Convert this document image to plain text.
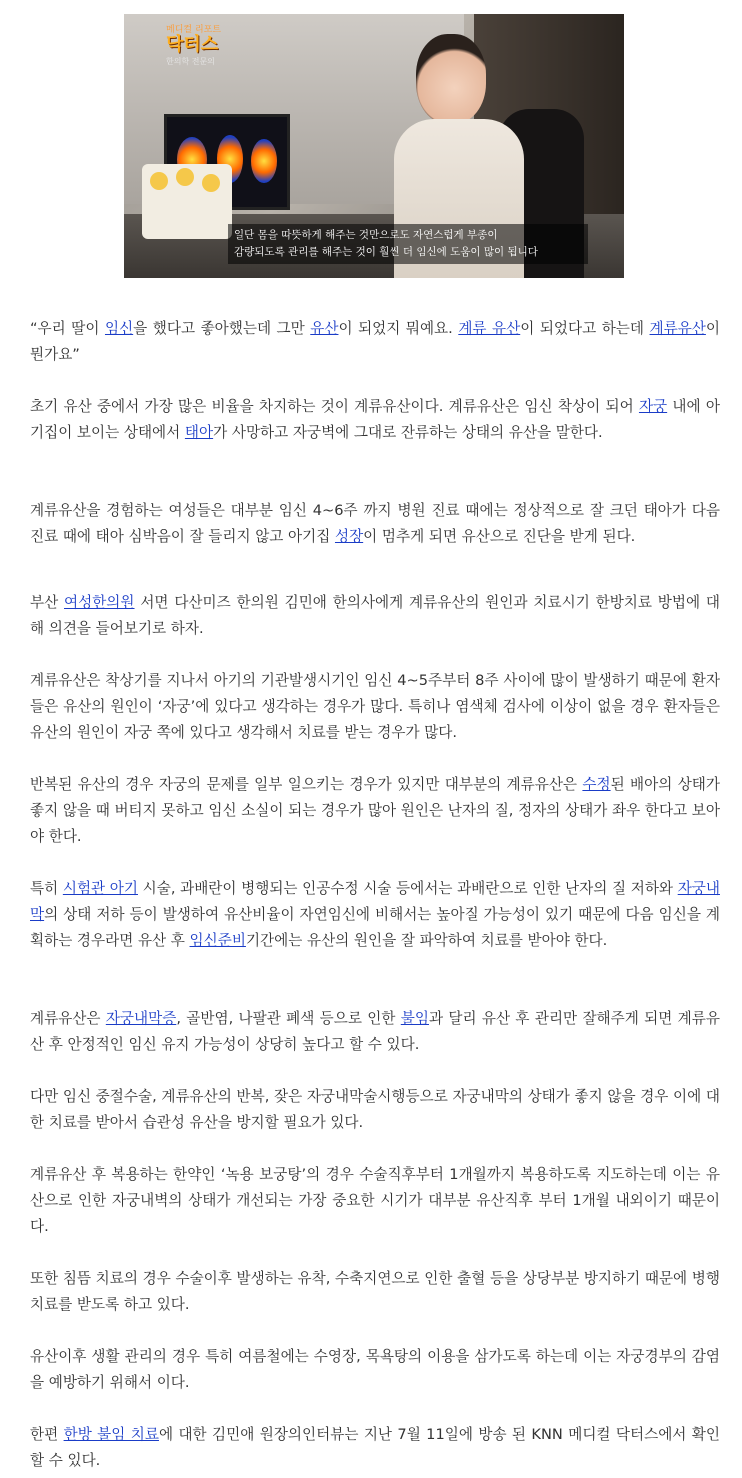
메디컬 리포트
닥터스
한의학 전문의
일단 몸을 따뜻하게 해주는 것만으로도 자연스럽게 부종이
감량되도록 관리를 해주는 것이 훨씬 더 임신에 도움이 많이 됩니다

“우리 딸이 임신을 했다고 좋아했는데 그만 유산이 되었지 뭐예요. 계류 유산이 되었다고 하는데 계류유산이 뭔가요”

초기 유산 중에서 가장 많은 비율을 차지하는 것이 계류유산이다. 계류유산은 임신 착상이 되어 자궁 내에 아기집이 보이는 상태에서 태아가 사망하고 자궁벽에 그대로 잔류하는 상태의 유산을 말한다.

계류유산을 경험하는 여성들은 대부분 임신 4~6주 까지 병원 진료 때에는 정상적으로 잘 크던 태아가 다음 진료 때에 태아 심박음이 잘 들리지 않고 아기집 성장이 멈추게 되면 유산으로 진단을 받게 된다.

부산 여성한의원 서면 다산미즈 한의원 김민애 한의사에게 계류유산의 원인과 치료시기 한방치료 방법에 대해 의견을 들어보기로 하자.

계류유산은 착상기를 지나서 아기의 기관발생시기인 임신 4~5주부터 8주 사이에 많이 발생하기 때문에 환자들은 유산의 원인이 ‘자궁’에 있다고 생각하는 경우가 많다. 특히나 염색체 검사에 이상이 없을 경우 환자들은 유산의 원인이 자궁 쪽에 있다고 생각해서 치료를 받는 경우가 많다.

반복된 유산의 경우 자궁의 문제를 일부 일으키는 경우가 있지만 대부분의 계류유산은 수정된 배아의 상태가 좋지 않을 때 버티지 못하고 임신 소실이 되는 경우가 많아 원인은 난자의 질, 정자의 상태가 좌우 한다고 보아야 한다.

특히 시험관 아기 시술, 과배란이 병행되는 인공수정 시술 등에서는 과배란으로 인한 난자의 질 저하와 자궁내막의 상태 저하 등이 발생하여 유산비율이 자연임신에 비해서는 높아질 가능성이 있기 때문에 다음 임신을 계획하는 경우라면 유산 후 임신준비기간에는 유산의 원인을 잘 파악하여 치료를 받아야 한다.

계류유산은 자궁내막증, 골반염, 나팔관 폐색 등으로 인한 불임과 달리 유산 후 관리만 잘해주게 되면 계류유산 후 안정적인 임신 유지 가능성이 상당히 높다고 할 수 있다.

다만 임신 중절수술, 계류유산의 반복, 잦은 자궁내막술시행등으로 자궁내막의 상태가 좋지 않을 경우 이에 대한 치료를 받아서 습관성 유산을 방지할 필요가 있다.

계류유산 후 복용하는 한약인 ‘녹용 보궁탕’의 경우 수술직후부터 1개월까지 복용하도록 지도하는데 이는 유산으로 인한 자궁내벽의 상태가 개선되는 가장 중요한 시기가 대부분 유산직후 부터 1개월 내외이기 때문이다.

또한 침뜸 치료의 경우 수술이후 발생하는 유착, 수축지연으로 인한 출혈 등을 상당부분 방지하기 때문에 병행 치료를 받도록 하고 있다.

유산이후 생활 관리의 경우 특히 여름철에는 수영장, 목욕탕의 이용을 삼가도록 하는데 이는 자궁경부의 감염을 예방하기 위해서 이다.

한편 한방 불임 치료에 대한 김민애 원장의인터뷰는 지난 7월 11일에 방송 된 KNN 메디컬 닥터스에서 확인할 수 있다.
